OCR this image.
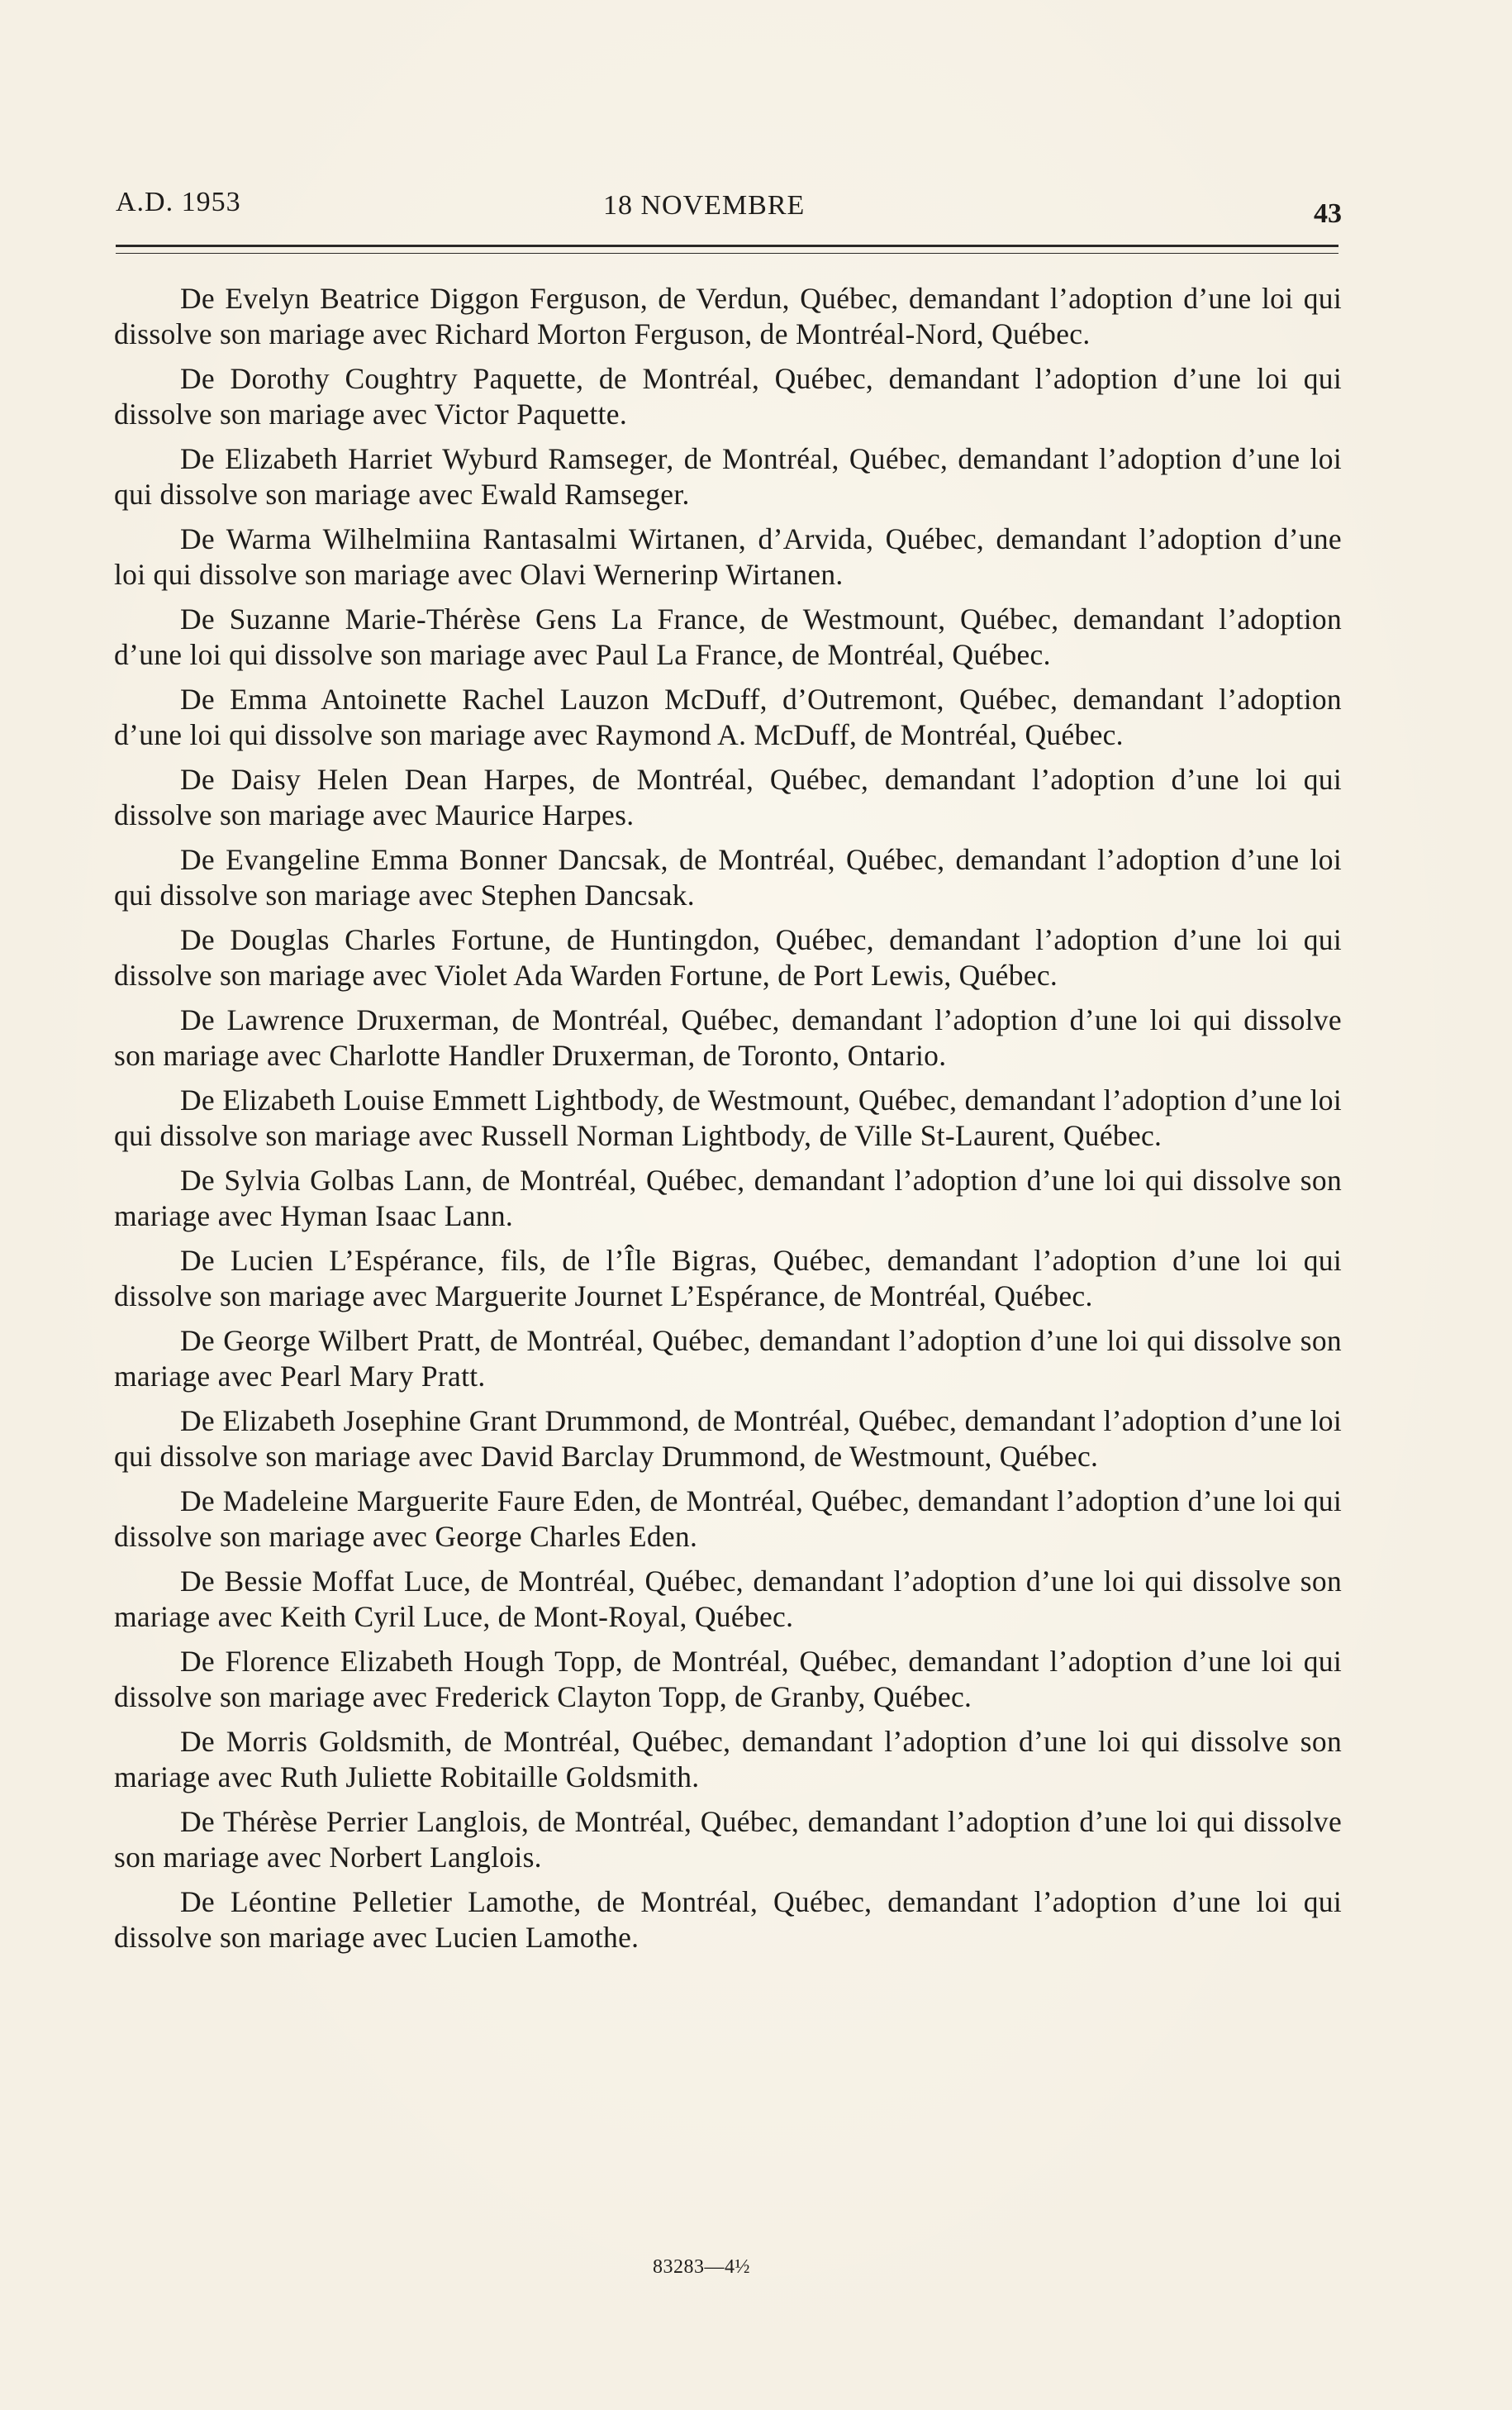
A.D. 1953	18 NOVEMBRE	43

De Evelyn Beatrice Diggon Ferguson, de Verdun, Québec, demandant l’adoption d’une loi qui dissolve son mariage avec Richard Morton Ferguson, de Montréal-Nord, Québec.

De Dorothy Coughtry Paquette, de Montréal, Québec, demandant l’adoption d’une loi qui dissolve son mariage avec Victor Paquette.

De Elizabeth Harriet Wyburd Ramseger, de Montréal, Québec, demandant l’adoption d’une loi qui dissolve son mariage avec Ewald Ramseger.

De Warma Wilhelmiina Rantasalmi Wirtanen, d’Arvida, Québec, demandant l’adoption d’une loi qui dissolve son mariage avec Olavi Wernerinp Wirtanen.

De Suzanne Marie-Thérèse Gens La France, de Westmount, Québec, demandant l’adoption d’une loi qui dissolve son mariage avec Paul La France, de Montréal, Québec.

De Emma Antoinette Rachel Lauzon McDuff, d’Outremont, Québec, demandant l’adoption d’une loi qui dissolve son mariage avec Raymond A. McDuff, de Montréal, Québec.

De Daisy Helen Dean Harpes, de Montréal, Québec, demandant l’adoption d’une loi qui dissolve son mariage avec Maurice Harpes.

De Evangeline Emma Bonner Dancsak, de Montréal, Québec, demandant l’adoption d’une loi qui dissolve son mariage avec Stephen Dancsak.

De Douglas Charles Fortune, de Huntingdon, Québec, demandant l’adoption d’une loi qui dissolve son mariage avec Violet Ada Warden Fortune, de Port Lewis, Québec.

De Lawrence Druxerman, de Montréal, Québec, demandant l’adoption d’une loi qui dissolve son mariage avec Charlotte Handler Druxerman, de Toronto, Ontario.

De Elizabeth Louise Emmett Lightbody, de Westmount, Québec, demandant l’adoption d’une loi qui dissolve son mariage avec Russell Norman Lightbody, de Ville St-Laurent, Québec.

De Sylvia Golbas Lann, de Montréal, Québec, demandant l’adoption d’une loi qui dissolve son mariage avec Hyman Isaac Lann.

De Lucien L’Espérance, fils, de l’Île Bigras, Québec, demandant l’adoption d’une loi qui dissolve son mariage avec Marguerite Journet L’Espérance, de Montréal, Québec.

De George Wilbert Pratt, de Montréal, Québec, demandant l’adoption d’une loi qui dissolve son mariage avec Pearl Mary Pratt.

De Elizabeth Josephine Grant Drummond, de Montréal, Québec, demandant l’adoption d’une loi qui dissolve son mariage avec David Barclay Drummond, de Westmount, Québec.

De Madeleine Marguerite Faure Eden, de Montréal, Québec, demandant l’adoption d’une loi qui dissolve son mariage avec George Charles Eden.

De Bessie Moffat Luce, de Montréal, Québec, demandant l’adoption d’une loi qui dissolve son mariage avec Keith Cyril Luce, de Mont-Royal, Québec.

De Florence Elizabeth Hough Topp, de Montréal, Québec, demandant l’adoption d’une loi qui dissolve son mariage avec Frederick Clayton Topp, de Granby, Québec.

De Morris Goldsmith, de Montréal, Québec, demandant l’adoption d’une loi qui dissolve son mariage avec Ruth Juliette Robitaille Goldsmith.

De Thérèse Perrier Langlois, de Montréal, Québec, demandant l’adoption d’une loi qui dissolve son mariage avec Norbert Langlois.

De Léontine Pelletier Lamothe, de Montréal, Québec, demandant l’adoption d’une loi qui dissolve son mariage avec Lucien Lamothe.

83283—4½
